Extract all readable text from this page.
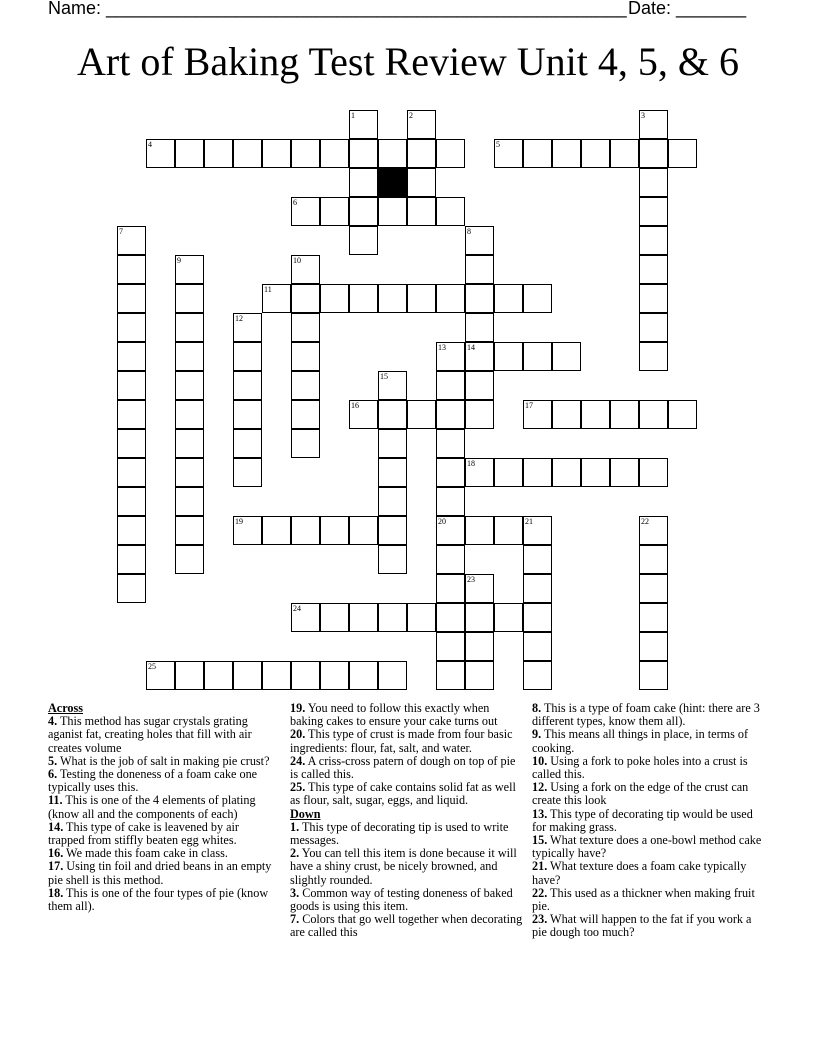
Name: ____________________________________________________ Date: _______
Art of Baking Test Review Unit 4, 5, & 6
1	2	3
4	5
6
7	8
9	10
11
12
13	14
15
16	17
18
19	20	21	22
23
24
25
Across
4. This method has sugar crystals grating aganist fat, creating holes that fill with air creates volume
5. What is the job of salt in making pie crust?
6. Testing the doneness of a foam cake one typically uses this.
11. This is one of the 4 elements of plating (know all and the components of each)
14. This type of cake is leavened by air trapped from stiffly beaten egg whites.
16. We made this foam cake in class.
17. Using tin foil and dried beans in an empty pie shell is this method.
18. This is one of the four types of pie (know them all).
19. You need to follow this exactly when baking cakes to ensure your cake turns out
20. This type of crust is made from four basic ingredients: flour, fat, salt, and water.
24. A criss-cross patern of dough on top of pie is called this.
25. This type of cake contains solid fat as well as flour, salt, sugar, eggs, and liquid.
Down
1. This type of decorating tip is used to write messages.
2. You can tell this item is done because it will have a shiny crust, be nicely browned, and slightly rounded.
3. Common way of testing doneness of baked goods is using this item.
7. Colors that go well together when decorating are called this
8. This is a type of foam cake (hint: there are 3 different types, know them all).
9. This means all things in place, in terms of cooking.
10. Using a fork to poke holes into a crust is called this.
12. Using a fork on the edge of the crust can create this look
13. This type of decorating tip would be used for making grass.
15. What texture does a one-bowl method cake typically have?
21. What texture does a foam cake typically have?
22. This used as a thickner when making fruit pie.
23. What will happen to the fat if you work a pie dough too much?
